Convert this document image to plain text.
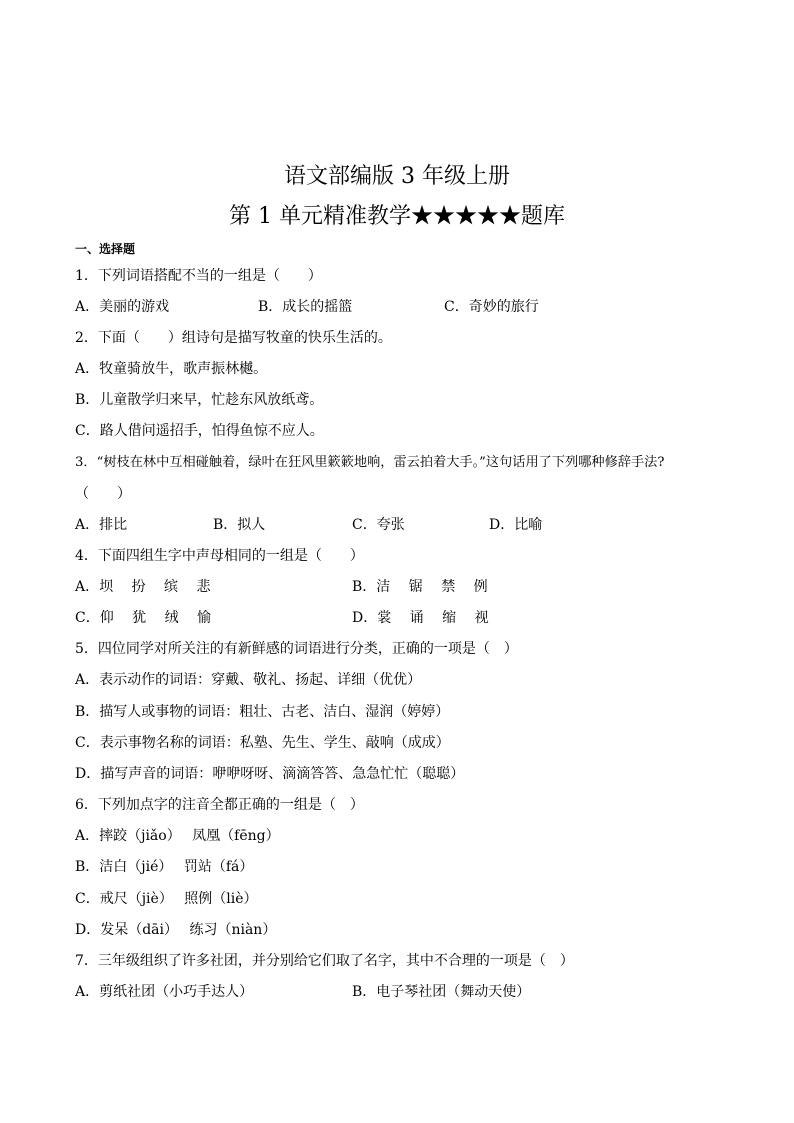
语文部编版 3 年级上册
第 1 单元精准教学★★★★★题库
一、选择题
1．下列词语搭配不当的一组是（　　）
A．美丽的游戏	B．成长的摇篮	C．奇妙的旅行
2．下面（　　）组诗句是描写牧童的快乐生活的。
A．牧童骑放牛，歌声振林樾。
B．儿童散学归来早，忙趁东风放纸鸢。
C．路人借问遥招手，怕得鱼惊不应人。
3．“树枝在林中互相碰触着，绿叶在狂风里簌簌地响，雷云拍着大手。”这句话用了下列哪种修辞手法?
（　　）
A．排比	B．拟人	C．夸张	D．比喻
4．下面四组生字中声母相同的一组是（　　）
A．坝　 扮　 缤　 悲	B．洁　 锯　 禁　 例
C．仰　 犹　 绒　 愉	D．裳　 诵　 缩　 视
5．四位同学对所关注的有新鲜感的词语进行分类，正确的一项是（　）
A．表示动作的词语：穿戴、敬礼、扬起、详细（优优）
B．描写人或事物的词语：粗壮、古老、洁白、湿润（婷婷）
C．表示事物名称的词语：私塾、先生、学生、敲响（成成）
D．描写声音的词语：咿咿呀呀、滴滴答答、急急忙忙（聪聪）
6．下列加点字的注音全都正确的一组是（　）
A．摔跤（jiǎo）　 凤凰（fēng）
B．洁白（jié）　 罚站（fá）
C．戒尺（jiè）　 照例（liè）
D．发呆（dāi）　 练习（niàn）
7．三年级组织了许多社团，并分别给它们取了名字，其中不合理的一项是（　）
A．剪纸社团（小巧手达人）	B．电子琴社团（舞动天使）
